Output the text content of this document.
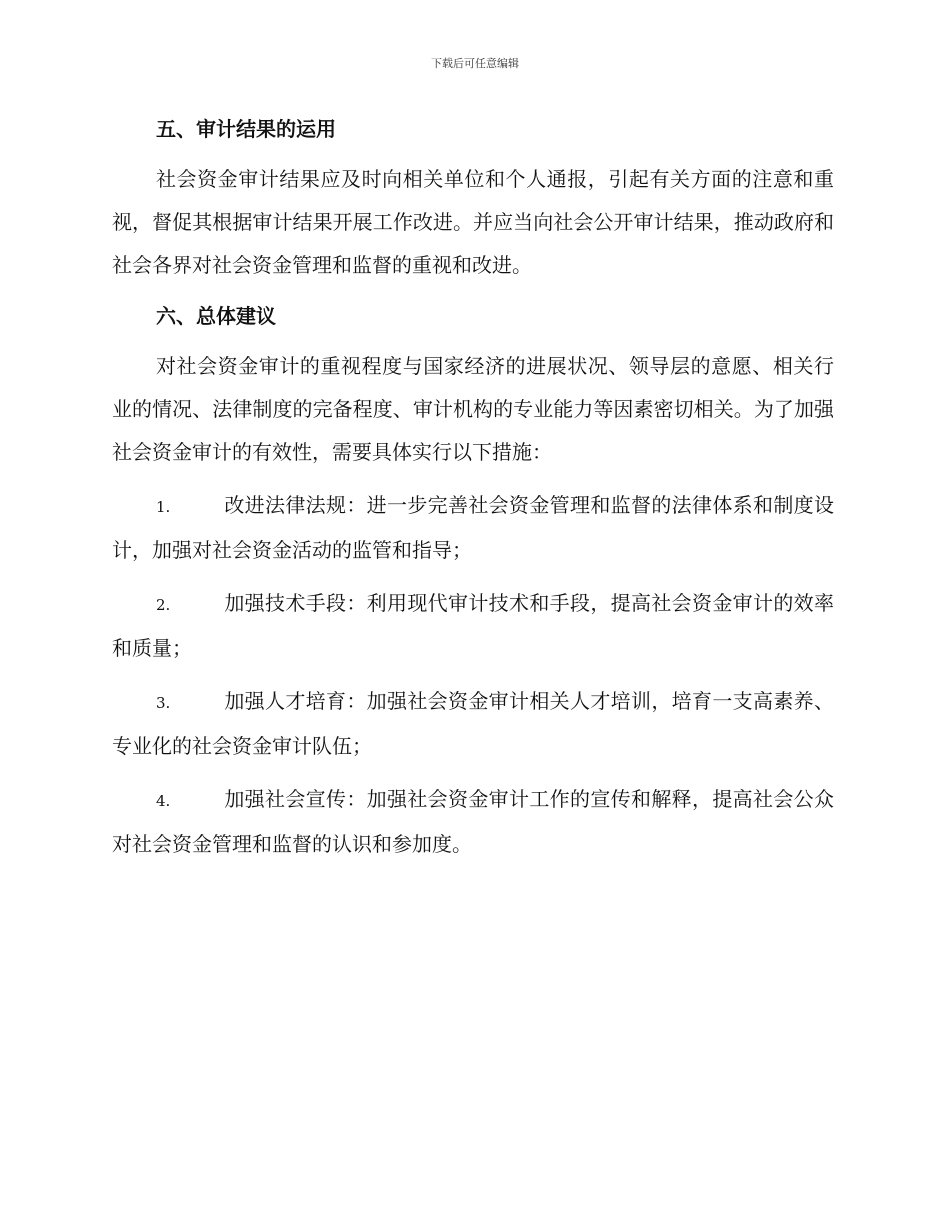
下载后可任意编辑
五、审计结果的运用

社会资金审计结果应及时向相关单位和个人通报，引起有关方面的注意和重视，督促其根据审计结果开展工作改进。并应当向社会公开审计结果，推动政府和社会各界对社会资金管理和监督的重视和改进。

六、总体建议

对社会资金审计的重视程度与国家经济的进展状况、领导层的意愿、相关行业的情况、法律制度的完备程度、审计机构的专业能力等因素密切相关。为了加强社会资金审计的有效性，需要具体实行以下措施：

1.	改进法律法规：进一步完善社会资金管理和监督的法律体系和制度设计，加强对社会资金活动的监管和指导；
2.	加强技术手段：利用现代审计技术和手段，提高社会资金审计的效率和质量；
3.	加强人才培育：加强社会资金审计相关人才培训，培育一支高素养、专业化的社会资金审计队伍；
4.	加强社会宣传：加强社会资金审计工作的宣传和解释，提高社会公众对社会资金管理和监督的认识和参加度。
